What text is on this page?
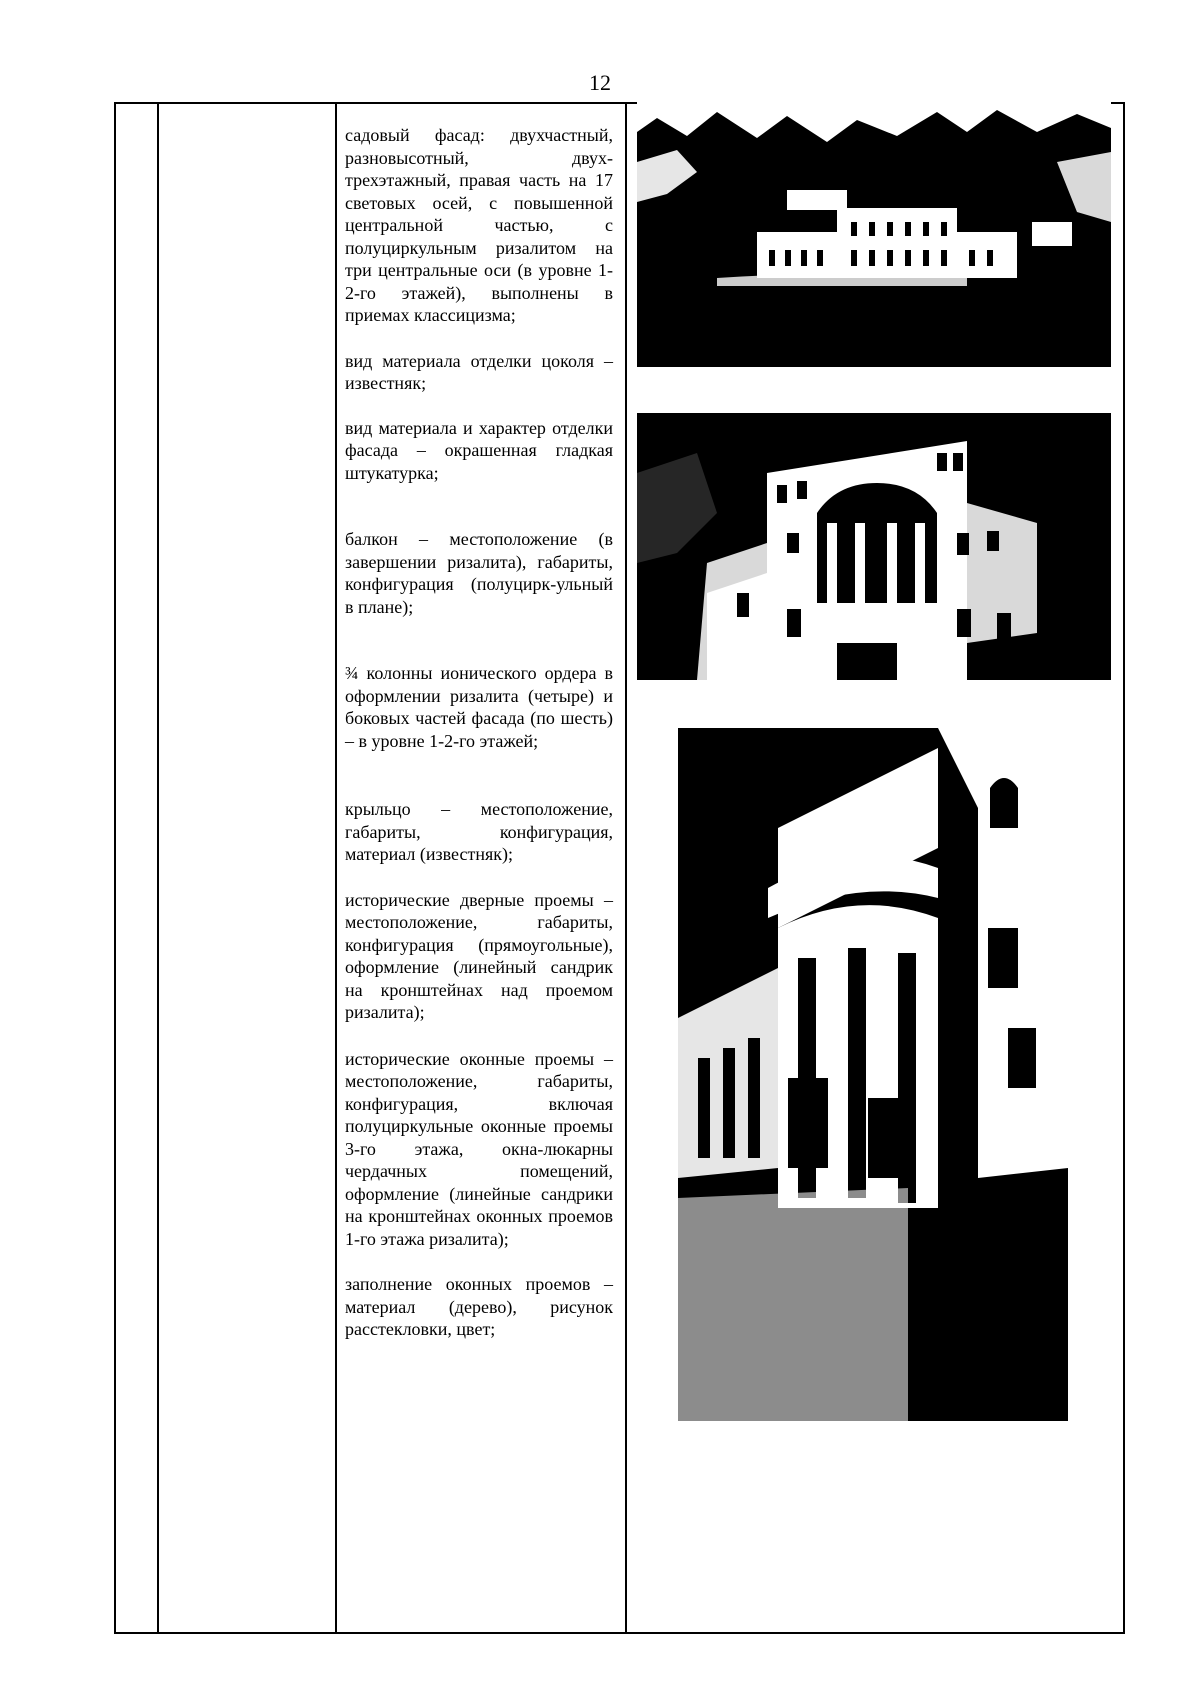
12

садовый фасад: двухчастный, разновысотный, двух-трехэтажный, правая часть на 17 световых осей, с повышенной центральной частью, с полуциркульным ризалитом на три центральные оси (в уровне 1-2-го этажей), выполнены в приемах классицизма;

вид материала отделки цоколя – известняк;

вид материала и характер отделки фасада – окрашенная гладкая штукатурка;

балкон – местоположение (в завершении ризалита), габариты, конфигурация (полуцирк-ульный в плане);

¾ колонны ионического ордера в оформлении ризалита (четыре) и боковых частей фасада (по шесть) – в уровне 1-2-го этажей;

крыльцо – местоположение, габариты, конфигурация, материал (известняк);

исторические дверные проемы – местоположение, габариты, конфигурация (прямоугольные), оформление (линейный сандрик на кронштейнах над проемом ризалита);

исторические оконные проемы – местоположение, габариты, конфигурация, включая полуциркульные оконные проемы 3-го этажа, окна-люкарны чердачных помещений, оформление (линейные сандрики на кронштейнах оконных проемов 1-го этажа ризалита);

заполнение оконных проемов – материал (дерево), рисунок расстекловки, цвет;
